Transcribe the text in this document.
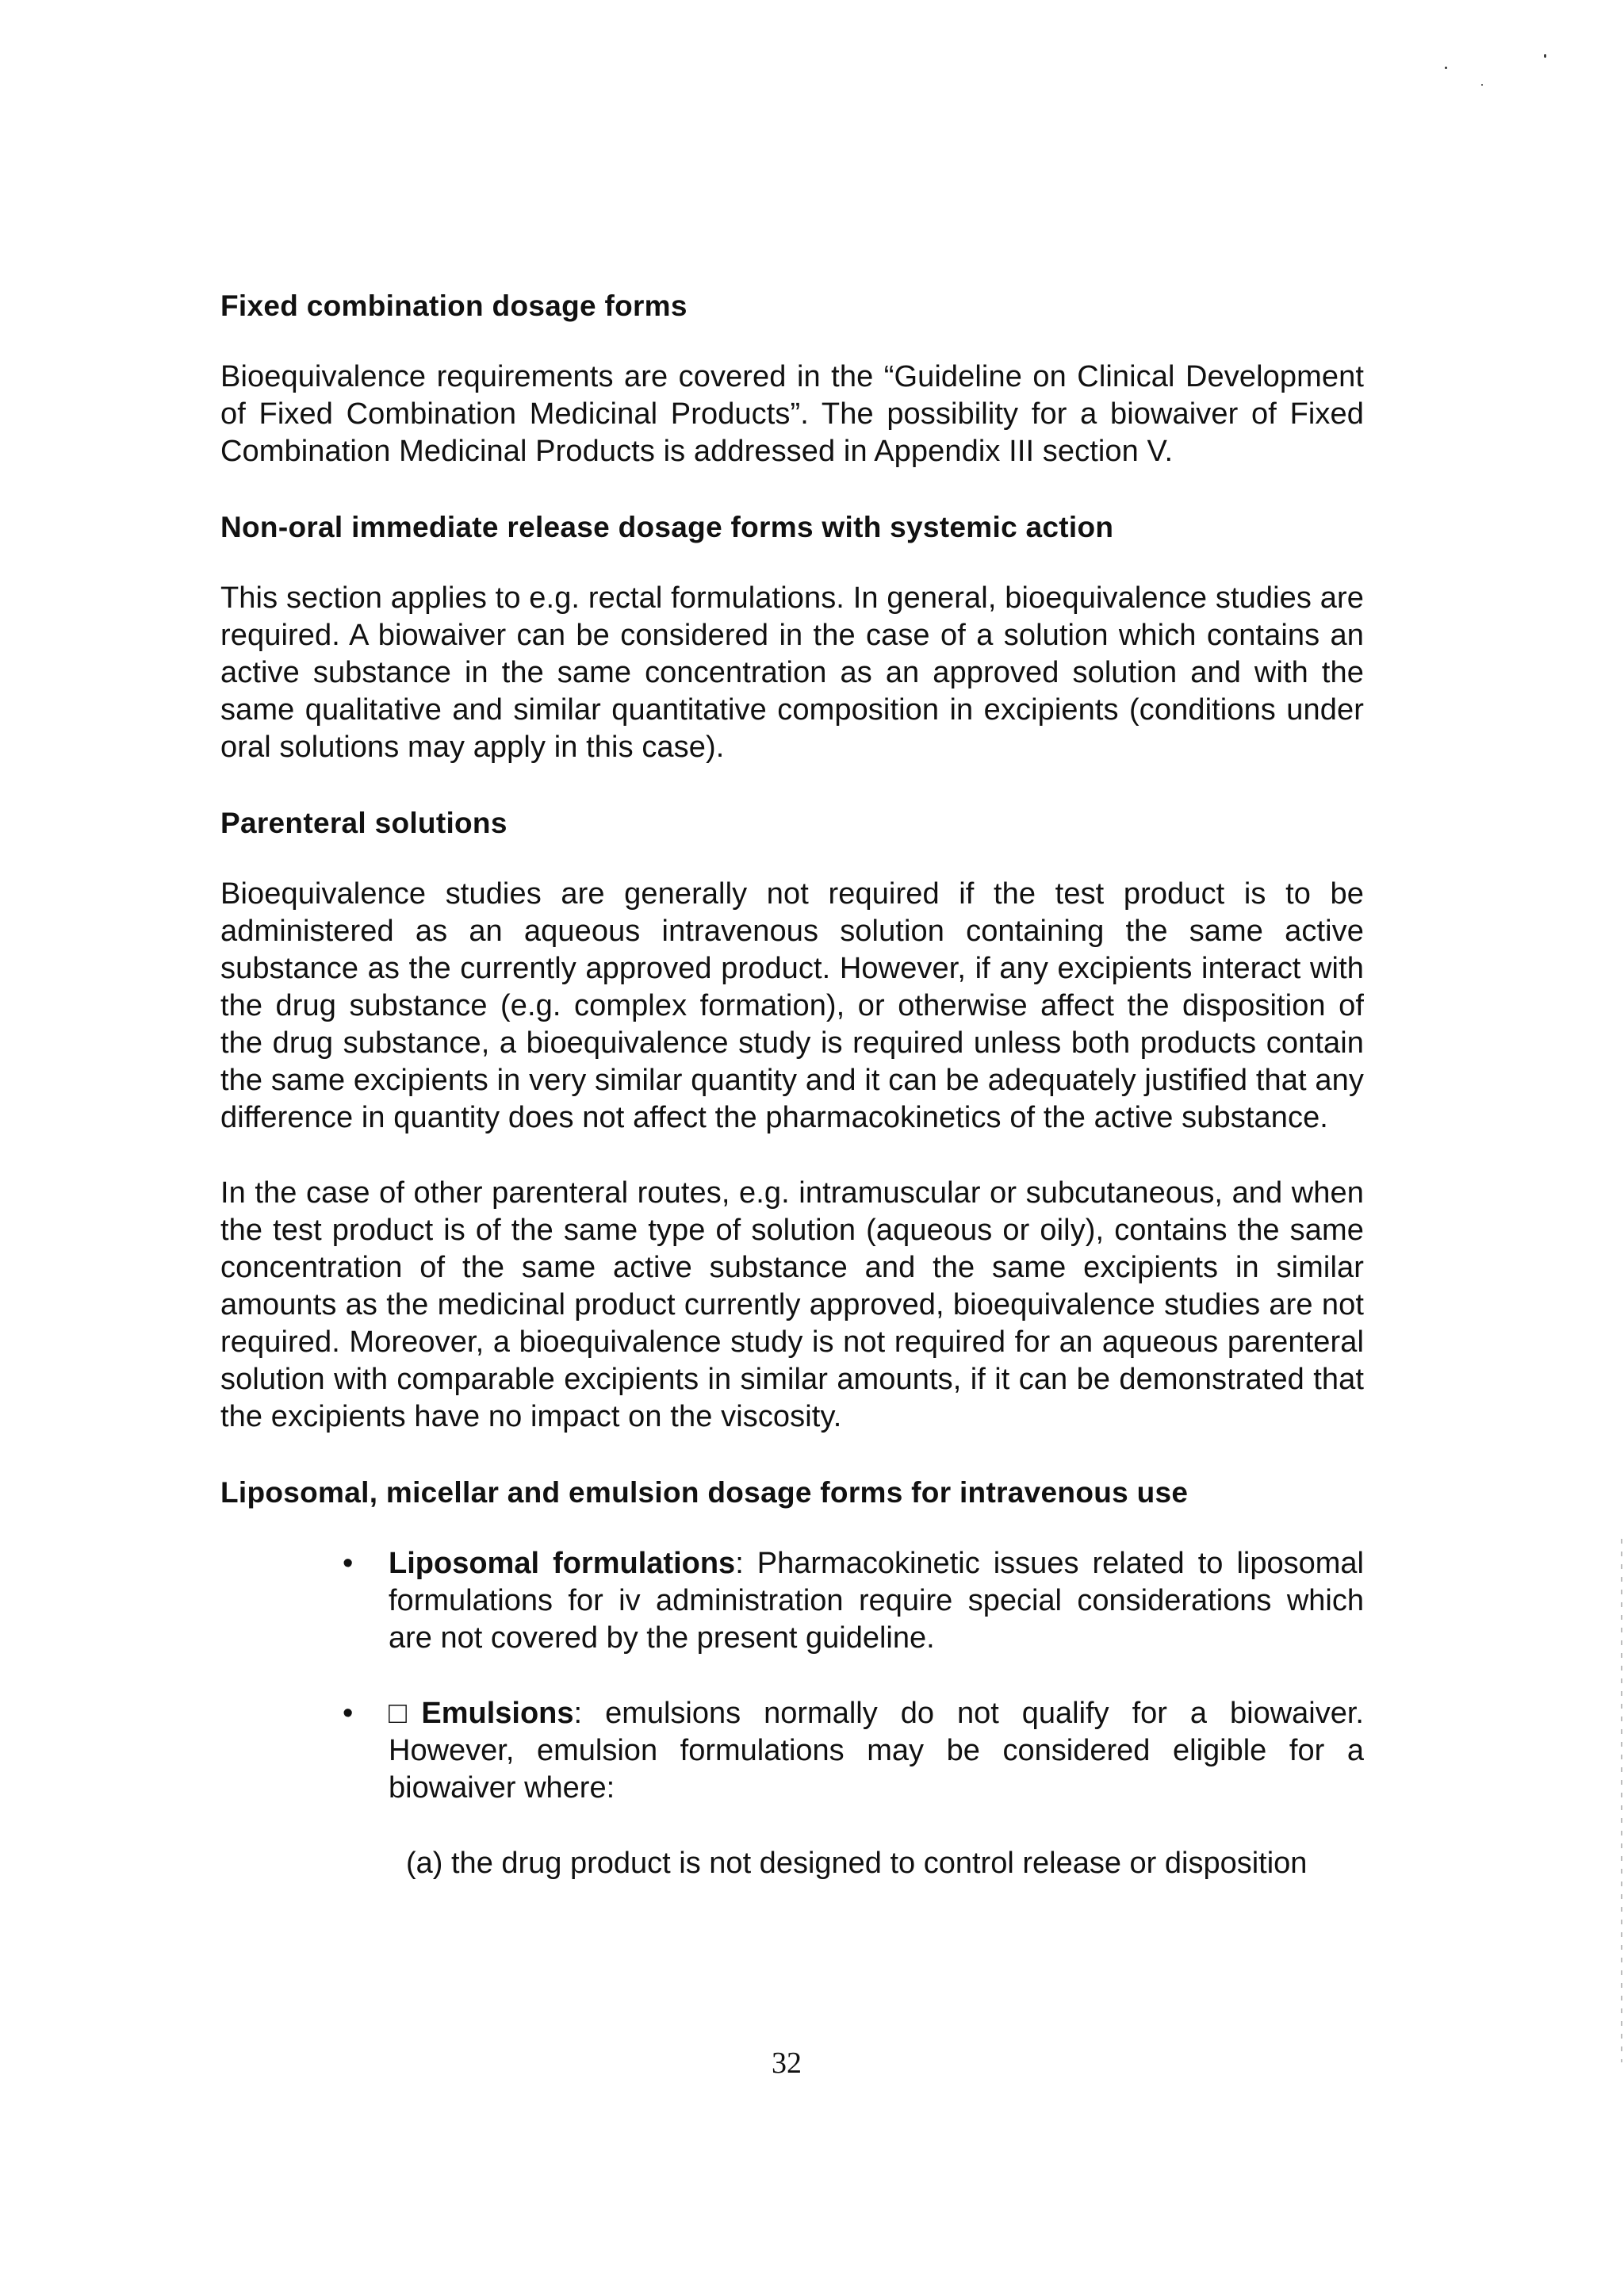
Fixed combination dosage forms

Bioequivalence requirements are covered in the “Guideline on Clinical Development of Fixed Combination Medicinal Products”. The possibility for a biowaiver of Fixed Combination Medicinal Products is addressed in Appendix III section V.

Non-oral immediate release dosage forms with systemic action

This section applies to e.g. rectal formulations. In general, bioequivalence studies are required. A biowaiver can be considered in the case of a solution which contains an active substance in the same concentration as an approved solution and with the same qualitative and similar quantitative composition in excipients (conditions under oral solutions may apply in this case).

Parenteral solutions

Bioequivalence studies are generally not required if the test product is to be administered as an aqueous intravenous solution containing the same active substance as the currently approved product. However, if any excipients interact with the drug substance (e.g. complex formation), or otherwise affect the disposition of the drug substance, a bioequivalence study is required unless both products contain the same excipients in very similar quantity and it can be adequately justified that any difference in quantity does not affect the pharmacokinetics of the active substance.

In the case of other parenteral routes, e.g. intramuscular or subcutaneous, and when the test product is of the same type of solution (aqueous or oily), contains the same concentration of the same active substance and the same excipients in similar amounts as the medicinal product currently approved, bioequivalence studies are not required. Moreover, a bioequivalence study is not required for an aqueous parenteral solution with comparable excipients in similar amounts, if it can be demonstrated that the excipients have no impact on the viscosity.

Liposomal, micellar and emulsion dosage forms for intravenous use
• Liposomal formulations: Pharmacokinetic issues related to liposomal formulations for iv administration require special considerations which are not covered by the present guideline.
• □Emulsions: emulsions normally do not qualify for a biowaiver. However, emulsion formulations may be considered eligible for a biowaiver where:
(a) the drug product is not designed to control release or disposition
32
